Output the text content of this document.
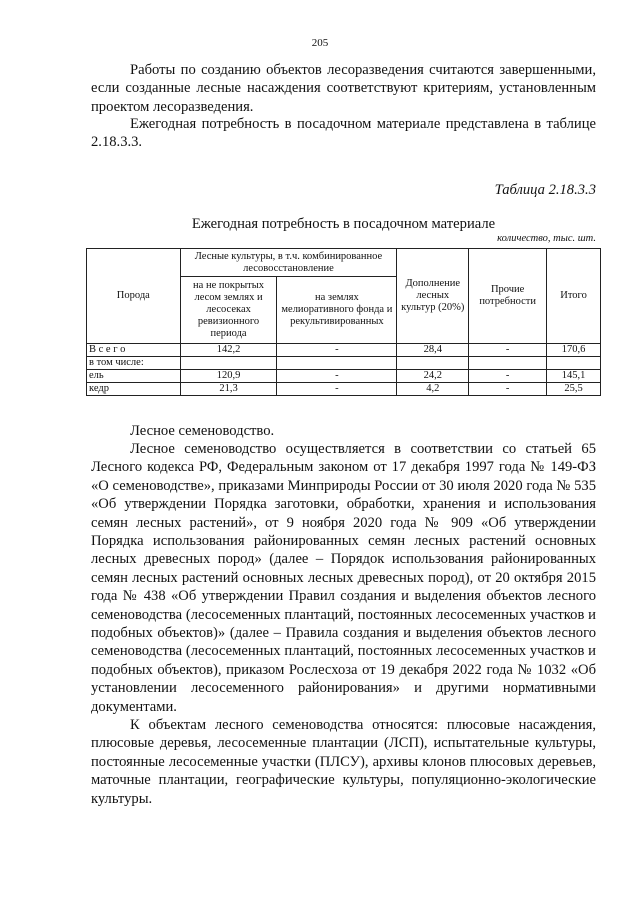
205

Работы по созданию объектов лесоразведения считаются завершенными, если созданные лесные насаждения соответствуют критериям, установленным проектом лесоразведения.

Ежегодная потребность в посадочном материале представлена в таблице 2.18.3.3.

Таблица 2.18.3.3
Ежегодная потребность в посадочном материале
количество, тыс. шт.
Порода	Лесные культуры, в т.ч. комбинированное лесовосстановление		Дополнение лесных культур (20%)	Прочие потребности	Итого
	на не покрытых лесом землях и лесосеках ревизионного периода	на землях мелиоративного фонда и рекультивированных			
В с е г о	142,2	-	28,4	-	170,6
в том числе:					
ель	120,9	-	24,2	-	145,1
кедр	21,3	-	4,2	-	25,5

Лесное семеноводство.

Лесное семеноводство осуществляется в соответствии со статьей 65 Лесного кодекса РФ, Федеральным законом от 17 декабря 1997 года № 149-ФЗ «О семеноводстве», приказами Минприроды России от 30 июля 2020 года № 535 «Об утверждении Порядка заготовки, обработки, хранения и использования семян лесных растений», от 9 ноября 2020 года № 909 «Об утверждении Порядка использования районированных семян лесных растений основных лесных древесных пород» (далее – Порядок использования районированных семян лесных растений основных лесных древесных пород), от 20 октября 2015 года № 438 «Об утверждении Правил создания и выделения объектов лесного семеноводства (лесосеменных плантаций, постоянных лесосеменных участков и подобных объектов)» (далее – Правила создания и выделения объектов лесного семеноводства (лесосеменных плантаций, постоянных лесосеменных участков и подобных объектов), приказом Рослесхоза от 19 декабря 2022 года № 1032 «Об установлении лесосеменного районирования» и другими нормативными документами.

К объектам лесного семеноводства относятся: плюсовые насаждения, плюсовые деревья, лесосеменные плантации (ЛСП), испытательные культуры, постоянные лесосеменные участки (ПЛСУ), архивы клонов плюсовых деревьев, маточные плантации, географические культуры, популяционно-экологические культуры.
